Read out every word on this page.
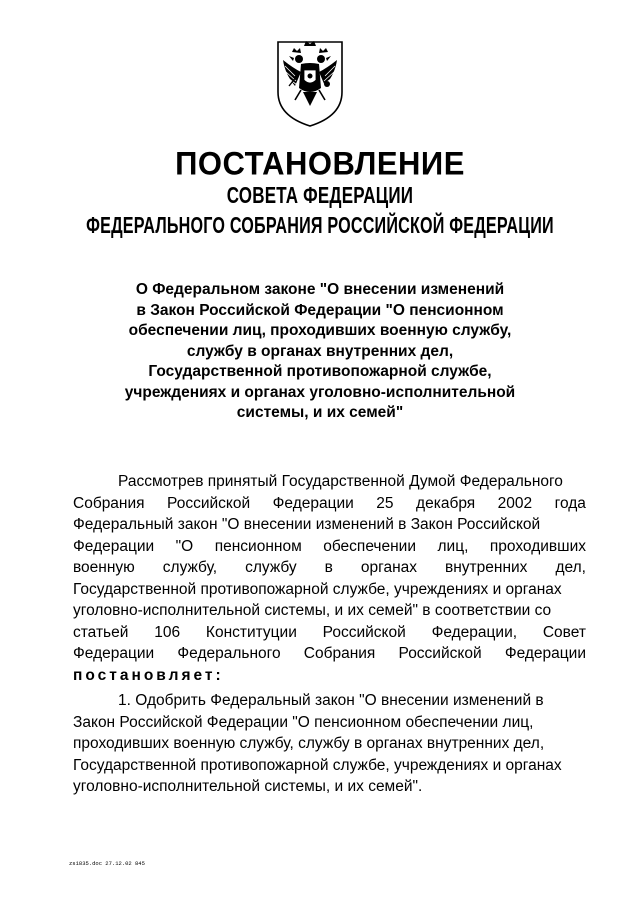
ПОСТАНОВЛЕНИЕ
СОВЕТА ФЕДЕРАЦИИ
ФЕДЕРАЛЬНОГО СОБРАНИЯ РОССИЙСКОЙ ФЕДЕРАЦИИ
О Федеральном законе "О внесении изменений
в Закон Российской Федерации "О пенсионном
обеспечении лиц, проходивших военную службу,
службу в органах внутренних дел,
Государственной противопожарной службе,
учреждениях и органах уголовно-исполнительной
системы, и их семей"
Рассмотрев принятый Государственной Думой Федерального
Собрания Российской Федерации 25 декабря 2002 года
Федеральный закон "О внесении изменений в Закон Российской
Федерации "О пенсионном обеспечении лиц, проходивших
военную службу, службу в органах внутренних дел,
Государственной противопожарной службе, учреждениях и органах
уголовно-исполнительной системы, и их семей" в соответствии со
статьей 106 Конституции Российской Федерации, Совет
Федерации Федерального Собрания Российской Федерации
постановляет:
1. Одобрить Федеральный закон "О внесении изменений в
Закон Российской Федерации "О пенсионном обеспечении лиц,
проходивших военную службу, службу в органах внутренних дел,
Государственной противопожарной службе, учреждениях и органах
уголовно-исполнительной системы, и их семей".
zs1835.doc 27.12.02 845
